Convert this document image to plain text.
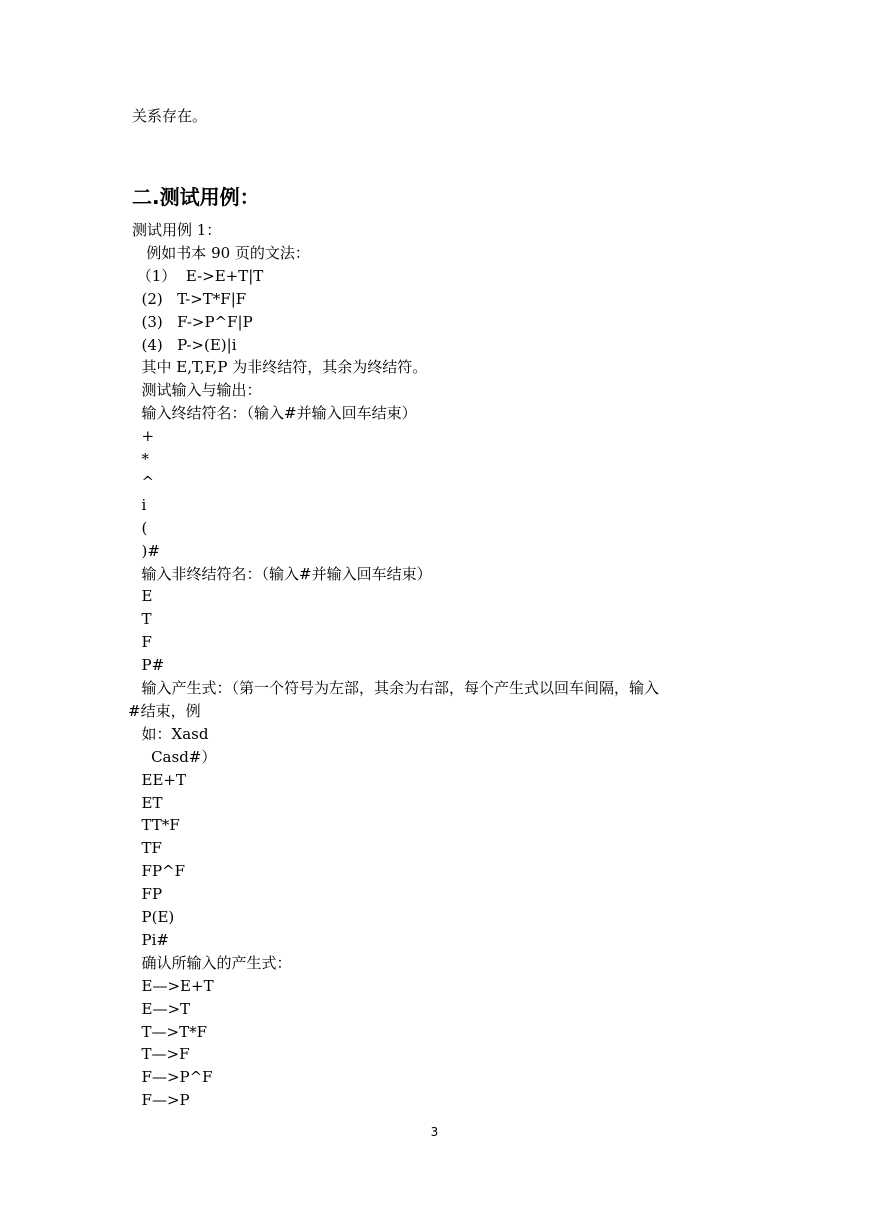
关系存在。
二.测试用例：
测试用例 1：
例如书本 90 页的文法：
（1）  E->E+T|T
(2)   T->T*F|F
(3)   F->P^F|P
(4)   P->(E)|i
其中 E,T,F,P 为非终结符，其余为终结符。
测试输入与输出：
输入终结符名：（输入#并输入回车结束）
+
*
^
i
(
)#
输入非终结符名：（输入#并输入回车结束）
E
T
F
P#
输入产生式：（第一个符号为左部，其余为右部，每个产生式以回车间隔，输入
#结束，例
如：Xasd
Casd#）
EE+T
ET
TT*F
TF
FP^F
FP
P(E)
Pi#
确认所输入的产生式：
E—>E+T
E—>T
T—>T*F
T—>F
F—>P^F
F—>P
3
